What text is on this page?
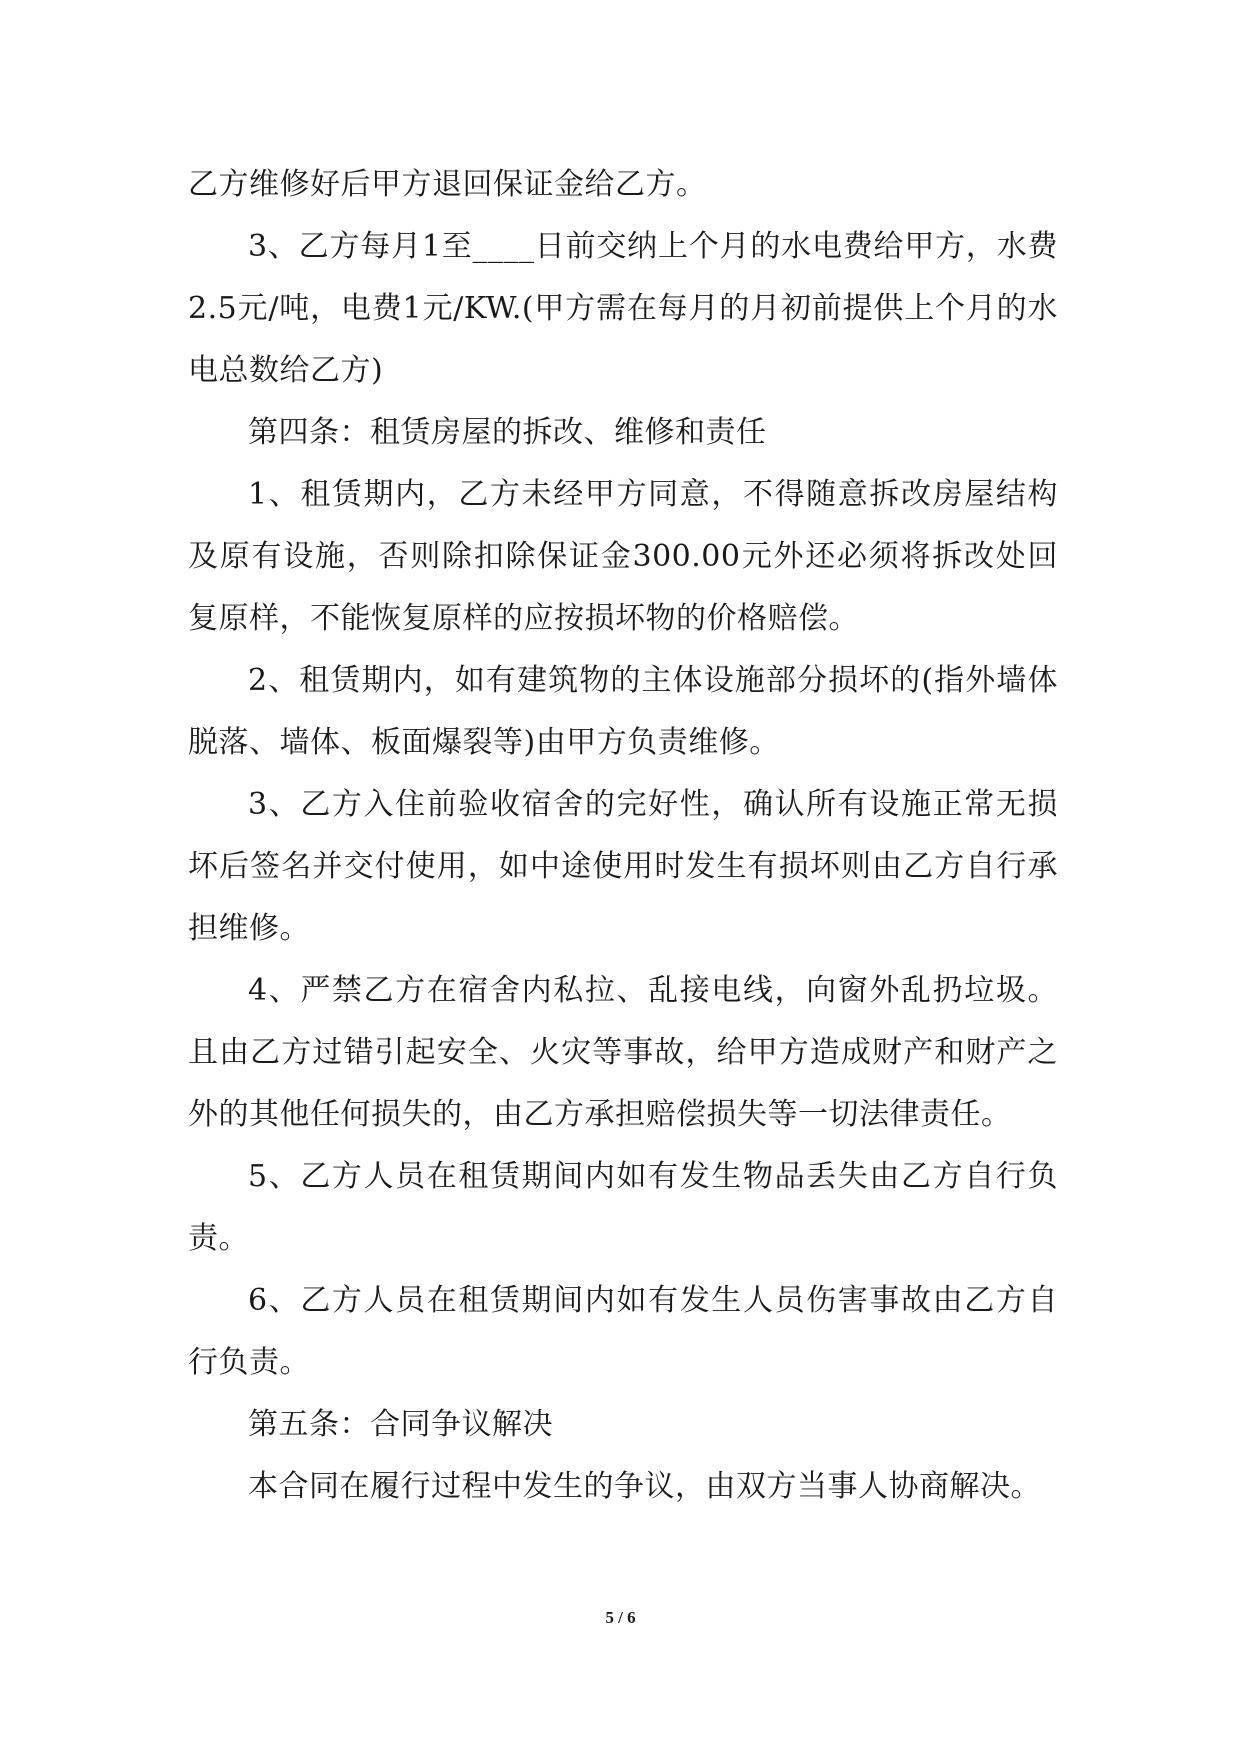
乙方维修好后甲方退回保证金给乙方。

3、乙方每月1至____日前交纳上个月的水电费给甲方，水费2.5元/吨，电费1元/KW.(甲方需在每月的月初前提供上个月的水电总数给乙方)

第四条：租赁房屋的拆改、维修和责任

1、租赁期内，乙方未经甲方同意，不得随意拆改房屋结构及原有设施，否则除扣除保证金300.00元外还必须将拆改处回复原样，不能恢复原样的应按损坏物的价格赔偿。

2、租赁期内，如有建筑物的主体设施部分损坏的(指外墙体脱落、墙体、板面爆裂等)由甲方负责维修。

3、乙方入住前验收宿舍的完好性，确认所有设施正常无损坏后签名并交付使用，如中途使用时发生有损坏则由乙方自行承担维修。

4、严禁乙方在宿舍内私拉、乱接电线，向窗外乱扔垃圾。且由乙方过错引起安全、火灾等事故，给甲方造成财产和财产之外的其他任何损失的，由乙方承担赔偿损失等一切法律责任。

5、乙方人员在租赁期间内如有发生物品丢失由乙方自行负责。

6、乙方人员在租赁期间内如有发生人员伤害事故由乙方自行负责。

第五条：合同争议解决

本合同在履行过程中发生的争议，由双方当事人协商解决。

5 / 6
